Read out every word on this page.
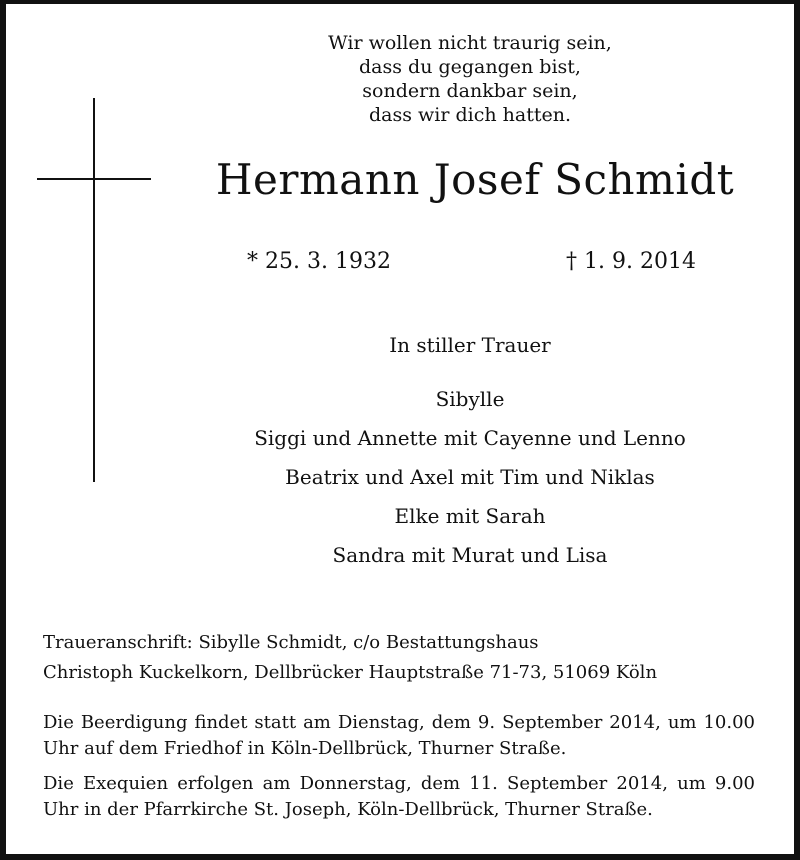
Wir wollen nicht traurig sein,
dass du gegangen bist,
sondern dankbar sein,
dass wir dich hatten.
Hermann Josef Schmidt
* 25. 3. 1932	† 1. 9. 2014
In stiller Trauer
Sibylle
Siggi und Annette mit Cayenne und Lenno
Beatrix und Axel mit Tim und Niklas
Elke mit Sarah
Sandra mit Murat und Lisa
Traueranschrift: Sibylle Schmidt, c/o Bestattungshaus
Christoph Kuckelkorn, Dellbrücker Hauptstraße 71-73, 51069 Köln
Die Beerdigung findet statt am Dienstag, dem 9. September 2014, um 10.00 Uhr auf dem Friedhof in Köln-Dellbrück, Thurner Straße.
Die Exequien erfolgen am Donnerstag, dem 11. September 2014, um 9.00 Uhr in der Pfarrkirche St. Joseph, Köln-Dellbrück, Thurner Straße.
